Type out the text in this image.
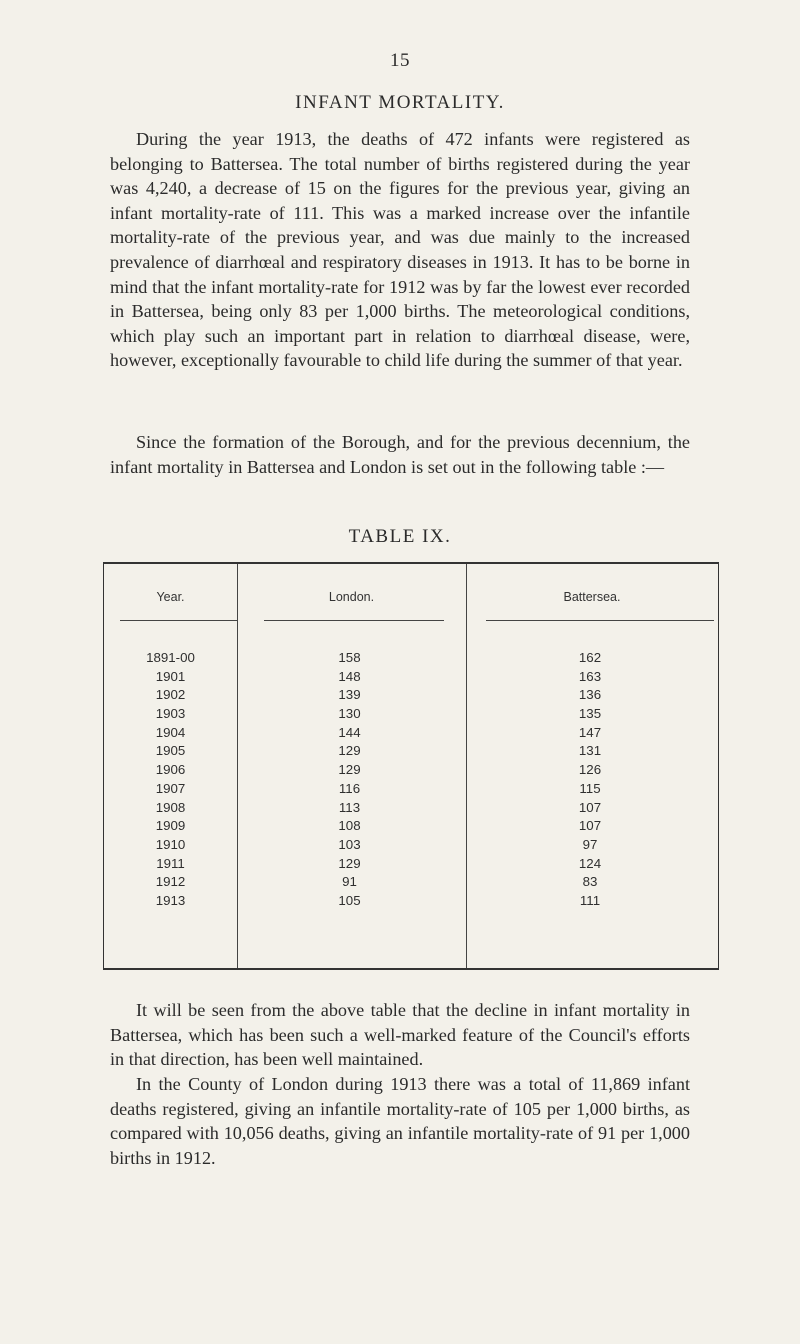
15
INFANT MORTALITY.

During the year 1913, the deaths of 472 infants were registered as belonging to Battersea. The total number of births registered during the year was 4,240, a decrease of 15 on the figures for the previous year, giving an infant mortality-rate of 111. This was a marked increase over the infantile mortality-rate of the previous year, and was due mainly to the increased prevalence of diarrhœal and respiratory diseases in 1913. It has to be borne in mind that the infant mortality-rate for 1912 was by far the lowest ever recorded in Battersea, being only 83 per 1,000 births. The meteorological conditions, which play such an important part in relation to diarrhœal disease, were, however, exceptionally favourable to child life during the summer of that year.

Since the formation of the Borough, and for the previous decennium, the infant mortality in Battersea and London is set out in the following table :—

TABLE IX.
Year.	London.	Battersea.
1891-00	158	162
1901	148	163
1902	139	136
1903	130	135
1904	144	147
1905	129	131
1906	129	126
1907	116	115
1908	113	107
1909	108	107
1910	103	97
1911	129	124
1912	91	83
1913	105	111

It will be seen from the above table that the decline in infant mortality in Battersea, which has been such a well-marked feature of the Council's efforts in that direction, has been well maintained.

In the County of London during 1913 there was a total of 11,869 infant deaths registered, giving an infantile mortality-rate of 105 per 1,000 births, as compared with 10,056 deaths, giving an infantile mortality-rate of 91 per 1,000 births in 1912.
